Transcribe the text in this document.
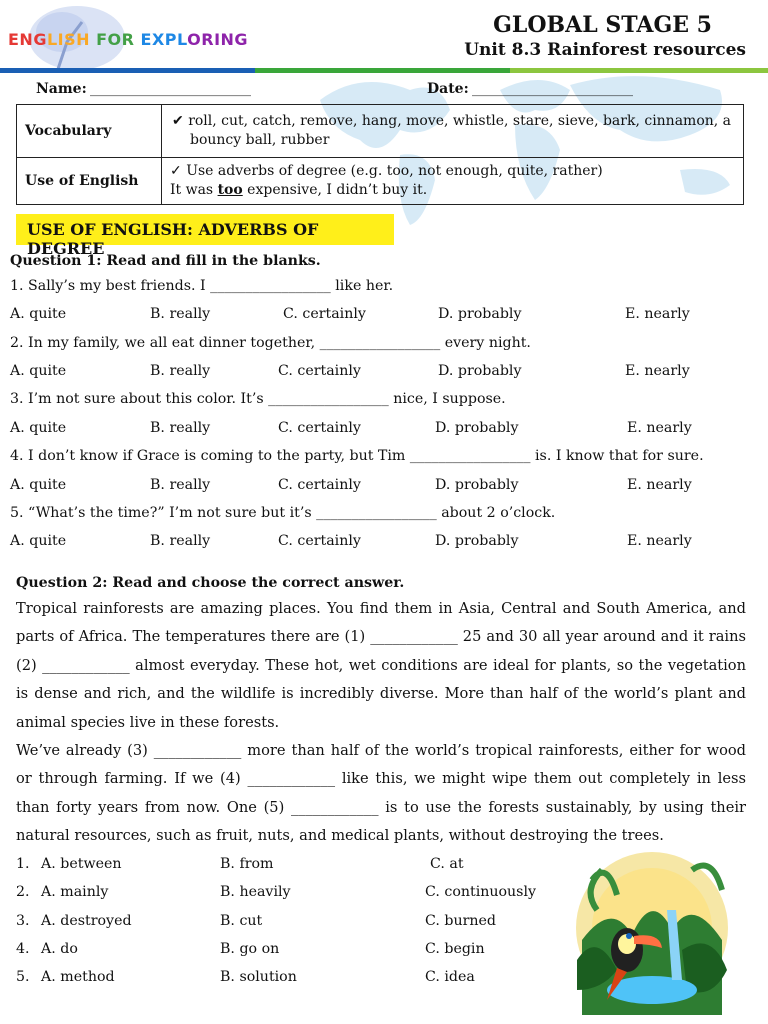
ENGLISH FOR EXPLORING
GLOBAL STAGE 5
Unit 8.3 Rainforest resources
Name: _______________________	Date: _______________________
Vocabulary	✔ roll, cut, catch, remove, hang, move, whistle, stare, sieve, bark, cinnamon, a
bouncy ball, rubber

Use of English	✓ Use adverbs of degree (e.g. too, not enough, quite, rather)
It was too expensive, I didn’t buy it.
USE OF ENGLISH: ADVERBS OF DEGREE
Question 1: Read and fill in the blanks.
1. Sally’s my best friends. I _________________ like her.
A. quite	B. really	C. certainly	D. probably	E. nearly
2. In my family, we all eat dinner together, _________________ every night.
A. quite	B. really	C. certainly	D. probably	E. nearly
3. I’m not sure about this color. It’s _________________ nice, I suppose.
A. quite	B. really	C. certainly	D. probably	E. nearly
4. I don’t know if Grace is coming to the party, but Tim _________________ is. I know that for sure.
A. quite	B. really	C. certainly	D. probably	E. nearly
5. “What’s the time?” I’m not sure but it’s _________________ about 2 o’clock.
A. quite	B. really	C. certainly	D. probably	E. nearly
Question 2: Read and choose the correct answer.

Tropical rainforests are amazing places. You find them in Asia, Central and South America, and parts of Africa. The temperatures there are (1) ____________ 25 and 30 all year around and it rains (2) ____________ almost everyday. These hot, wet conditions are ideal for plants, so the vegetation is dense and rich, and the wildlife is incredibly diverse. More than half of the world’s plant and animal species live in these forests.

We’ve already (3) ____________ more than half of the world’s tropical rainforests, either for wood or through farming. If we (4) ____________ like this, we might wipe them out completely in less than forty years from now. One (5) ____________ is to use the forests sustainably, by using their natural resources, such as fruit, nuts, and medical plants, without destroying the trees.

1. A. between	B. from	C. at
2. A. mainly	B. heavily	C. continuously
3. A. destroyed	B. cut	C. burned
4. A. do	B. go on	C. begin
5. A. method	B. solution	C. idea
